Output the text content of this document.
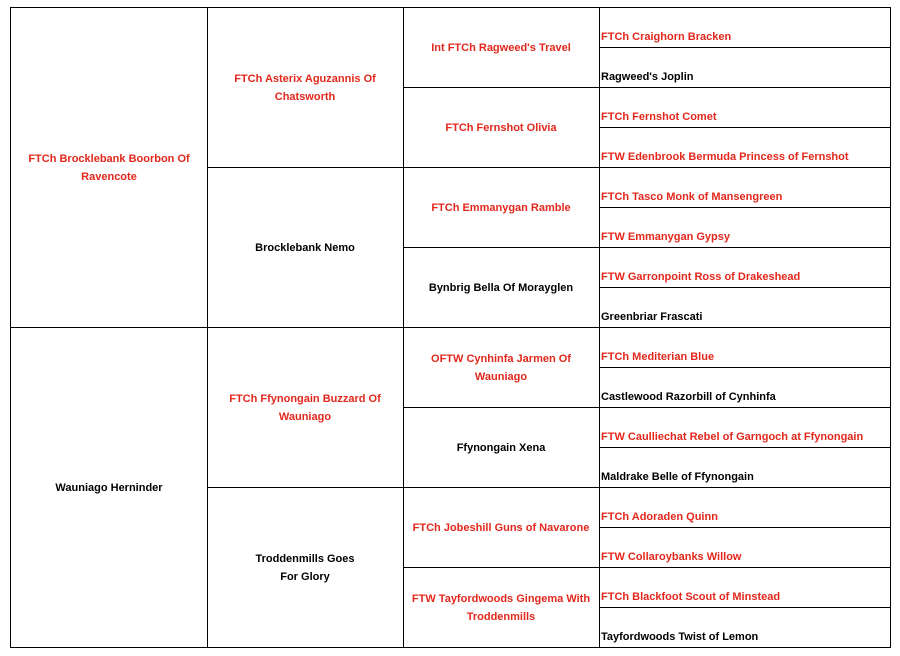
FTCh Brocklebank Boorbon Of
Ravencote
Wauniago Herninder
FTCh Asterix Aguzannis Of
Chatsworth
Brocklebank Nemo
FTCh Ffynongain Buzzard Of
Wauniago
Troddenmills Goes
For Glory
Int FTCh Ragweed's Travel
FTCh Fernshot Olivia
FTCh Emmanygan Ramble
Bynbrig Bella Of Morayglen
OFTW Cynhinfa Jarmen Of
Wauniago
Ffynongain Xena
FTCh Jobeshill Guns of Navarone
FTW Tayfordwoods Gingema With
Troddenmills
FTCh Craighorn Bracken
Ragweed's Joplin
FTCh Fernshot Comet
FTW Edenbrook Bermuda Princess of Fernshot
FTCh Tasco Monk of Mansengreen
FTW Emmanygan Gypsy
FTW Garronpoint Ross of Drakeshead
Greenbriar Frascati
FTCh Mediterian Blue
Castlewood Razorbill of Cynhinfa
FTW Caulliechat Rebel of Garngoch at Ffynongain
Maldrake Belle of Ffynongain
FTCh Adoraden Quinn
FTW Collaroybanks Willow
FTCh Blackfoot Scout of Minstead
Tayfordwoods Twist of Lemon
